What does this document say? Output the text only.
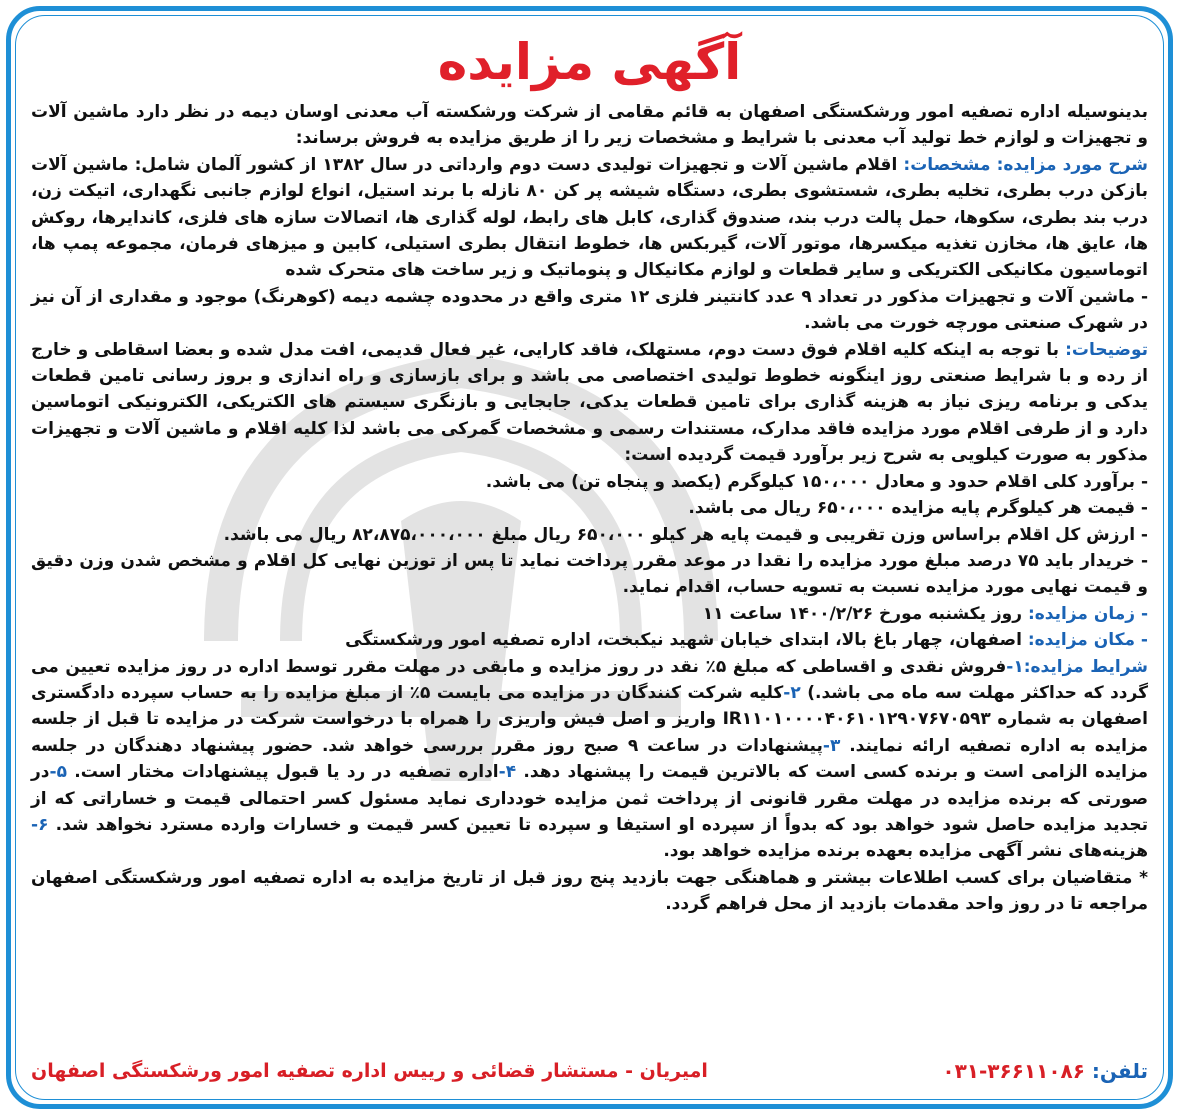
آگهی مزایده

بدینوسیله اداره تصفیه امور ورشکستگی اصفهان به قائم مقامی از شرکت ورشکسته آب معدنی اوسان دیمه در نظر دارد ماشین آلات و تجهیزات و لوازم خط تولید آب معدنی با شرایط و مشخصات زیر را از طریق مزایده به فروش برساند:

شرح مورد مزایده: مشخصات: اقلام ماشین آلات و تجهیزات تولیدی دست دوم وارداتی در سال ۱۳۸۲ از کشور آلمان شامل: ماشین آلات بازکن درب بطری، تخلیه بطری، شستشوی بطری، دستگاه شیشه پر کن ۸۰ نازله با برند استیل، انواع لوازم جانبی نگهداری، اتیکت زن، درب بند بطری، سکوها، حمل پالت درب بند، صندوق گذاری، کابل های رابط، لوله گذاری ها، اتصالات سازه های فلزی، کاندایرها، روکش ها، عایق ها، مخازن تغذیه میکسرها، موتور آلات، گیربکس ها، خطوط انتقال بطری استیلی، کابین و میزهای فرمان، مجموعه پمپ ها، اتوماسیون مکانیکی الکتریکی و سایر قطعات و لوازم مکانیکال و پنوماتیک و زیر ساخت های متحرک شده

- ماشین آلات و تجهیزات مذکور در تعداد ۹ عدد کانتینر فلزی ۱۲ متری واقع در محدوده چشمه دیمه (کوهرنگ) موجود و مقداری از آن نیز در شهرک صنعتی مورچه خورت می باشد.

توضیحات: با توجه به اینکه کلیه اقلام فوق دست دوم، مستهلک، فاقد کارایی، غیر فعال قدیمی، افت مدل شده و بعضا اسقاطی و خارج از رده و با شرایط صنعتی روز اینگونه خطوط تولیدی اختصاصی می باشد و برای بازسازی و راه اندازی و بروز رسانی تامین قطعات یدکی و برنامه ریزی نیاز به هزینه گذاری برای تامین قطعات یدکی، جابجایی و بازنگری سیستم های الکتریکی، الکترونیکی اتوماسین دارد و از طرفی اقلام مورد مزایده فاقد مدارک، مستندات رسمی و مشخصات گمرکی می باشد لذا کلیه اقلام و ماشین آلات و تجهیزات مذکور به صورت کیلویی به شرح زیر برآورد قیمت گردیده است:

- برآورد کلی اقلام حدود و معادل ۱۵۰،۰۰۰ کیلوگرم (یکصد و پنجاه تن) می باشد.

- قیمت هر کیلوگرم پایه مزایده ۶۵۰،۰۰۰ ریال می باشد.

- ارزش کل اقلام براساس وزن تقریبی و قیمت پایه هر کیلو ۶۵۰،۰۰۰ ریال مبلغ ۸۲،۸۷۵،۰۰۰،۰۰۰ ریال می باشد.

- خریدار باید ۷۵ درصد مبلغ مورد مزایده را نقدا در موعد مقرر پرداخت نماید تا پس از توزین نهایی کل اقلام و مشخص شدن وزن دقیق و قیمت نهایی مورد مزایده نسبت به تسویه حساب، اقدام نماید.

- زمان مزایده: روز یکشنبه مورخ ۱۴۰۰/۲/۲۶ ساعت ۱۱

- مکان مزایده: اصفهان، چهار باغ بالا، ابتدای خیابان شهید نیکبخت، اداره تصفیه امور ورشکستگی

شرایط مزایده:۱-فروش نقدی و اقساطی که مبلغ ۵٪ نقد در روز مزایده و مابقی در مهلت مقرر توسط اداره در روز مزایده تعیین می گردد که حداکثر مهلت سه ماه می باشد.) ۲-کلیه شرکت کنندگان در مزایده می بایست ۵٪ از مبلغ مزایده را به حساب سپرده دادگستری اصفهان به شماره IR۱۱۰۱۰۰۰۰۴۰۶۱۰۱۲۹۰۷۶۷۰۵۹۳ واریز و اصل فیش واریزی را همراه با درخواست شرکت در مزایده تا قبل از جلسه مزایده به اداره تصفیه ارائه نمایند. ۳-پیشنهادات در ساعت ۹ صبح روز مقرر بررسی خواهد شد. حضور پیشنهاد دهندگان در جلسه مزایده الزامی است و برنده کسی است که بالاترین قیمت را پیشنهاد دهد. ۴-اداره تصفیه در رد یا قبول پیشنهادات مختار است. ۵-در صورتی که برنده مزایده در مهلت مقرر قانونی از پرداخت ثمن مزایده خودداری نماید مسئول کسر احتمالی قیمت و خساراتی که از تجدید مزایده حاصل شود خواهد بود که بدواً از سپرده او استیفا و سپرده تا تعیین کسر قیمت و خسارات وارده مسترد نخواهد شد. ۶-هزینه‌های نشر آگهی مزایده بعهده برنده مزایده خواهد بود.

* متقاضیان برای کسب اطلاعات بیشتر و هماهنگی جهت بازدید پنج روز قبل از تاریخ مزایده به اداره تصفیه امور ورشکستگی اصفهان مراجعه تا در روز واحد مقدمات بازدید از محل فراهم گردد.

تلفن: ۰۳۱-۳۶۶۱۱۰۸۶
امیریان - مستشار قضائی و رییس اداره تصفیه امور ورشکستگی اصفهان
